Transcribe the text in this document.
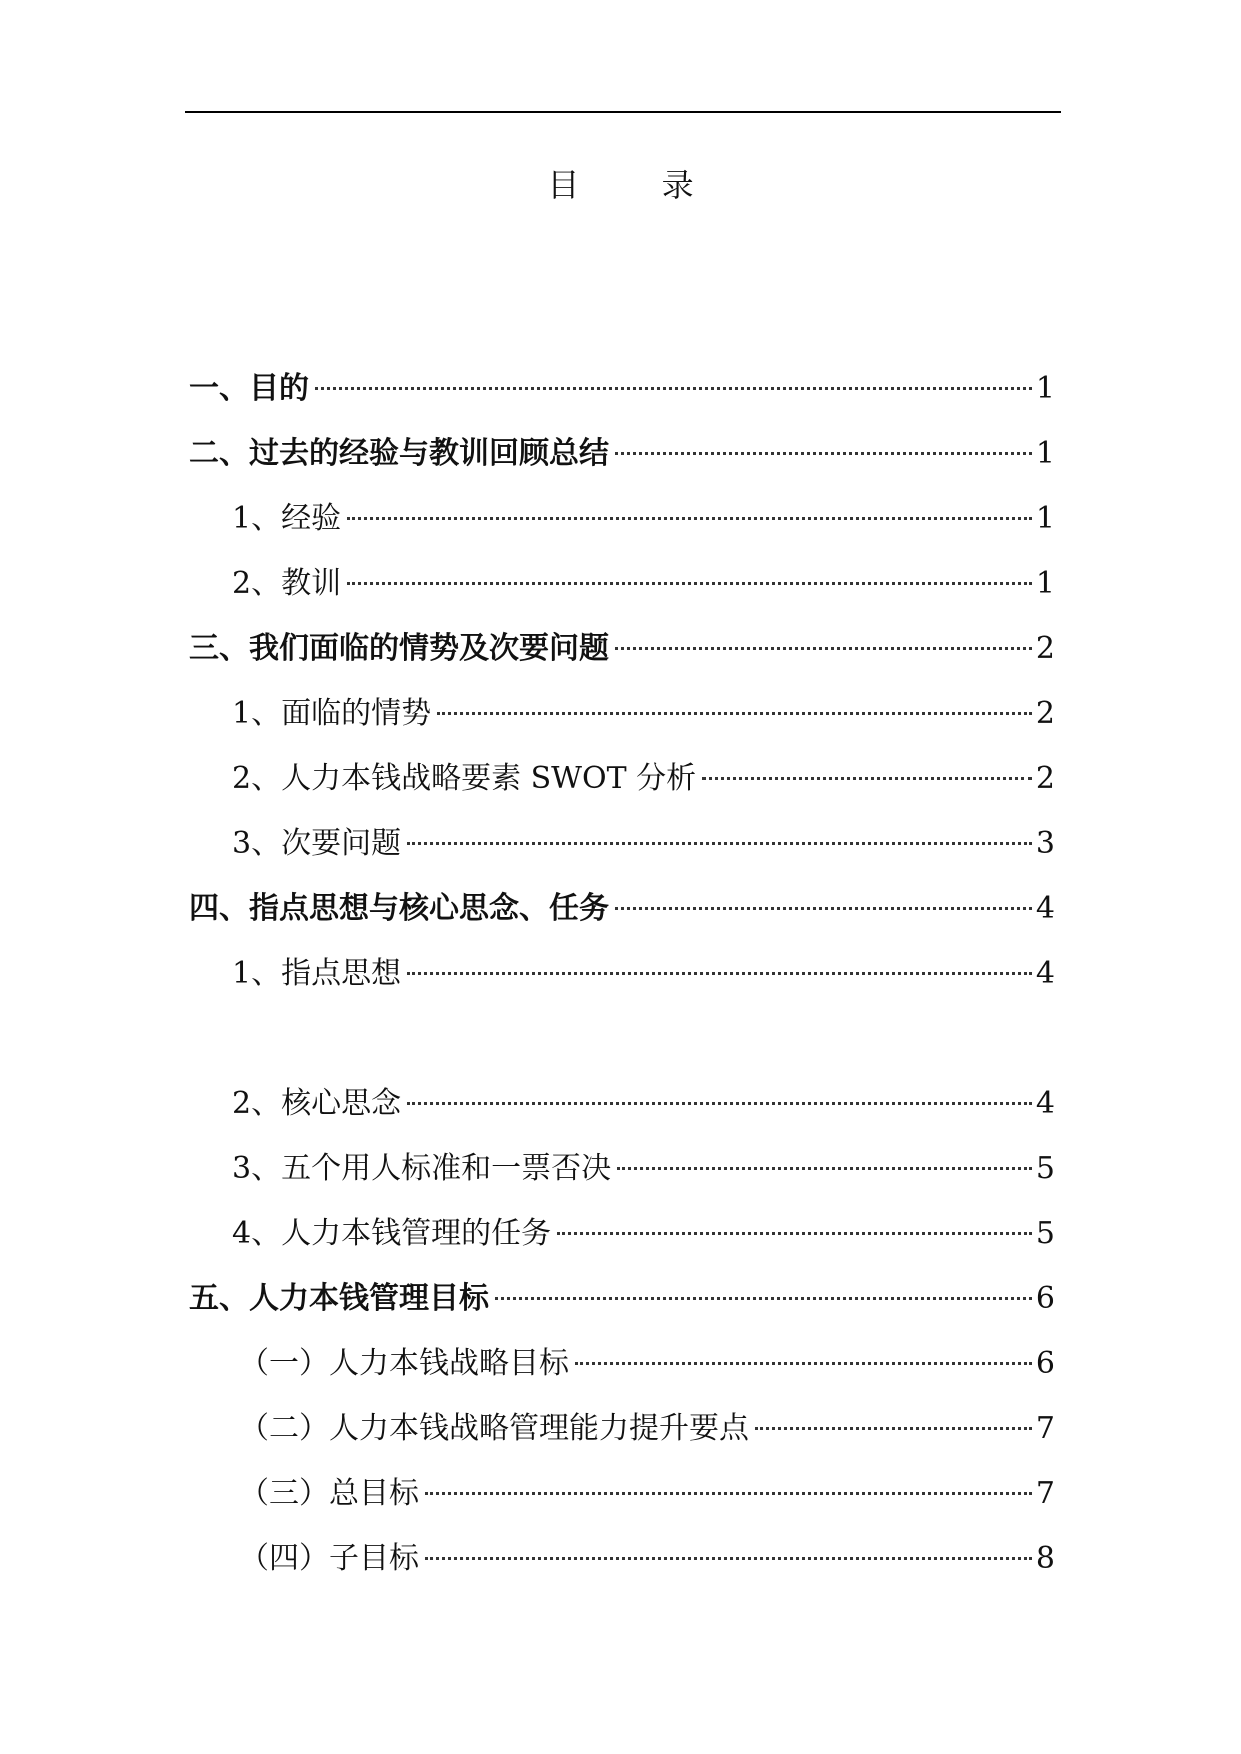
目 录
一、目的	1
二、过去的经验与教训回顾总结	1
1、经验	1
2、教训	1
三、我们面临的情势及次要问题	2
1、面临的情势	2
2、人力本钱战略要素 SWOT 分析	2
3、次要问题	3
四、指点思想与核心思念、任务	4
1、指点思想	4
2、核心思念	4
3、五个用人标准和一票否决	5
4、人力本钱管理的任务	5
五、人力本钱管理目标	6
（一）人力本钱战略目标	6
（二）人力本钱战略管理能力提升要点	7
（三）总目标	7
（四）子目标	8
